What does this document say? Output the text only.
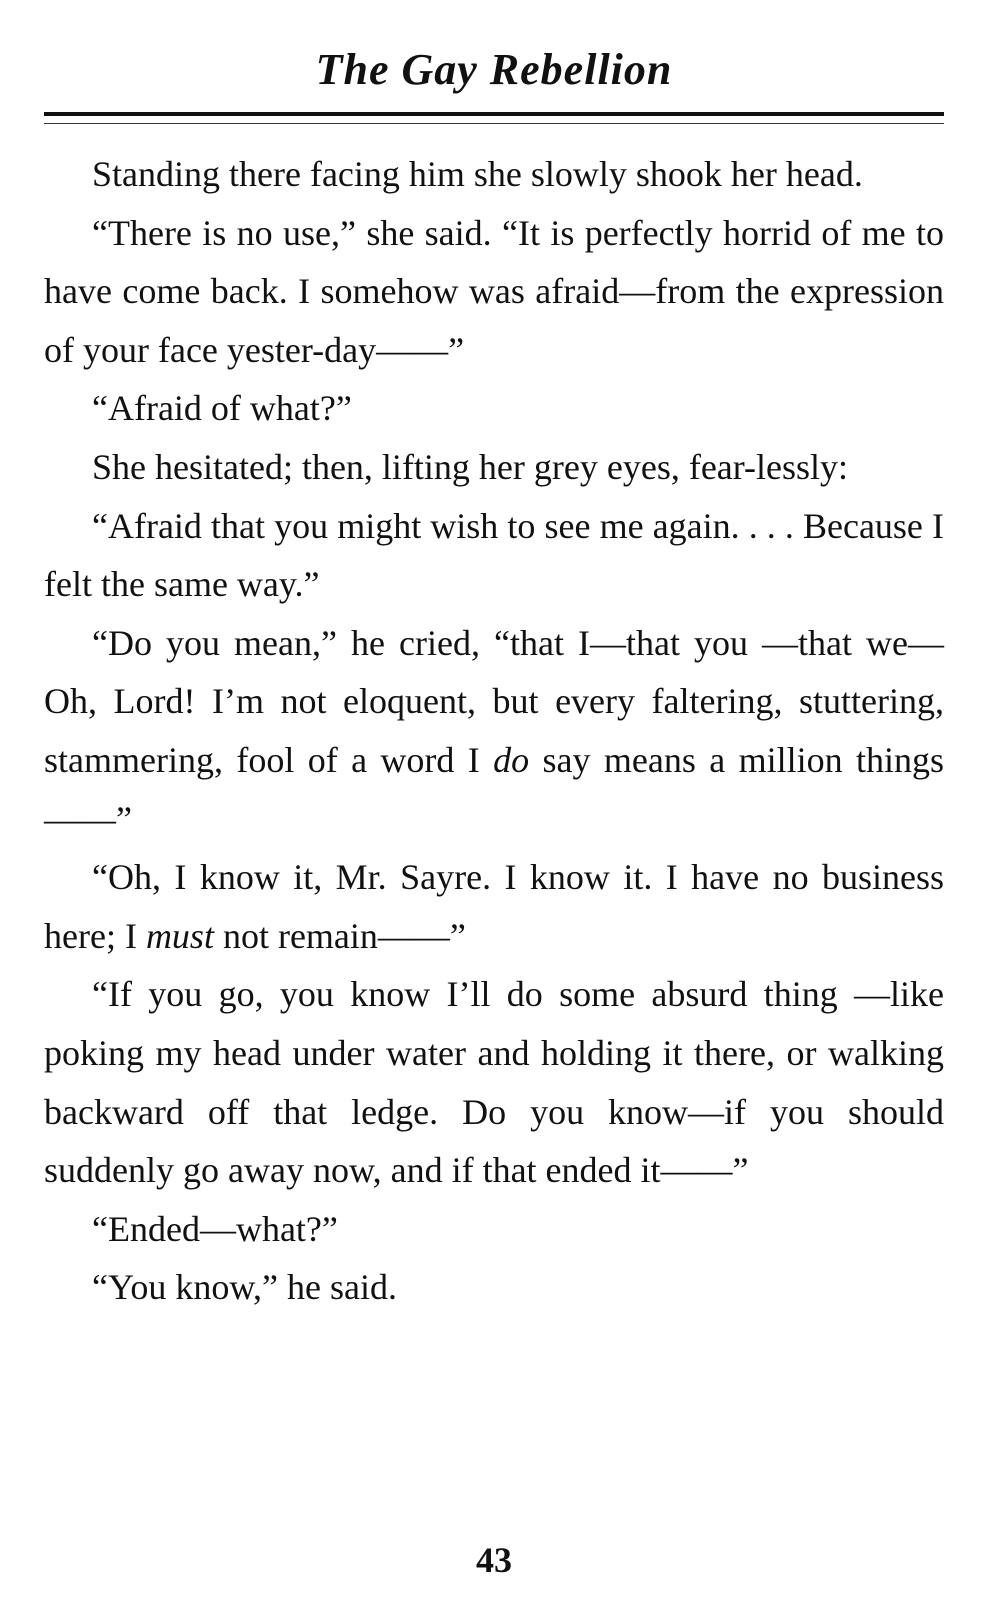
The Gay Rebellion

Standing there facing him she slowly shook her head.

“There is no use,” she said. “It is perfectly horrid of me to have come back. I somehow was afraid—from the expression of your face yester-day——”

“Afraid of what?”

She hesitated; then, lifting her grey eyes, fear-lessly:

“Afraid that you might wish to see me again. . . . Because I felt the same way.”

“Do you mean,” he cried, “that I—that you —that we—Oh, Lord! I’m not eloquent, but every faltering, stuttering, stammering, fool of a word I do say means a million things——”

“Oh, I know it, Mr. Sayre. I know it. I have no business here; I must not remain——”

“If you go, you know I’ll do some absurd thing —like poking my head under water and holding it there, or walking backward off that ledge. Do you know—if you should suddenly go away now, and if that ended it——”

“Ended—what?”

“You know,” he said.

43
